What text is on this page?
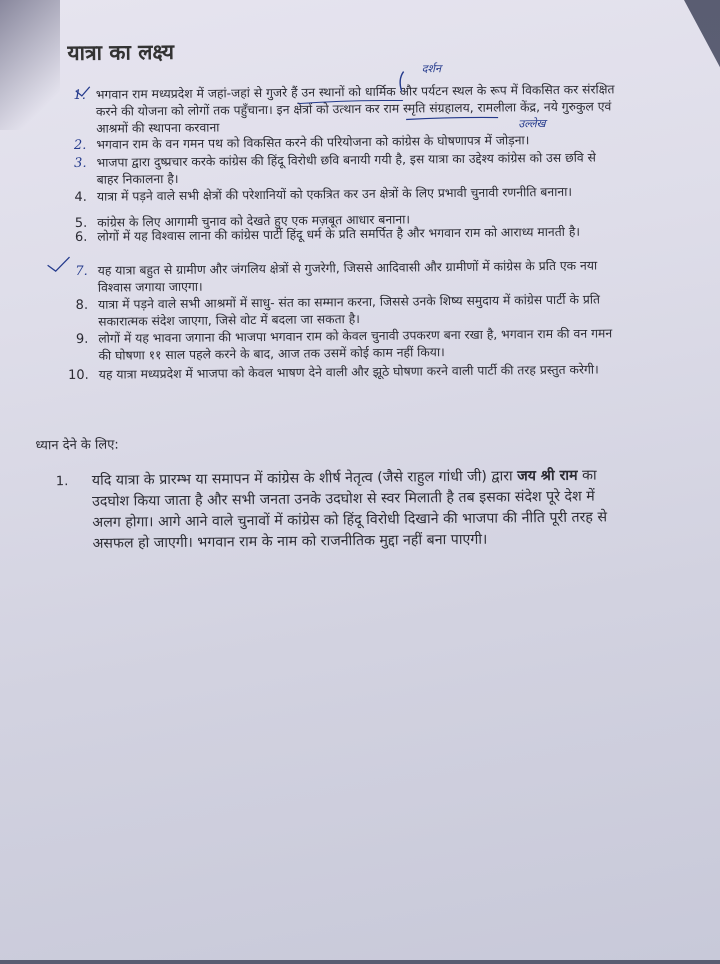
यात्रा का लक्ष्य
दर्शन
1. भगवान राम मध्यप्रदेश में जहां-जहां से गुजरे हैं उन स्थानों को धार्मिक और पर्यटन स्थल के रूप में विकसित कर संरक्षित करने की योजना को लोगों तक पहुँचाना। इन क्षेत्रों को उत्थान कर राम स्मृति संग्रहालय, रामलीला केंद्र, नये गुरुकुल एवं आश्रमों की स्थापना करवाना	उल्लेख
2. भगवान राम के वन गमन पथ को विकसित करने की परियोजना को कांग्रेस के घोषणापत्र में जोड़ना।
3. भाजपा द्वारा दुष्प्रचार करके कांग्रेस की हिंदू विरोधी छवि बनायी गयी है, इस यात्रा का उद्देश्य कांग्रेस को उस छवि से बाहर निकालना है।
4. यात्रा में पड़ने वाले सभी क्षेत्रों की परेशानियों को एकत्रित कर उन क्षेत्रों के लिए प्रभावी चुनावी रणनीति बनाना।
5. कांग्रेस के लिए आगामी चुनाव को देखते हुए एक मज़बूत आधार बनाना।
6. लोगों में यह विश्वास लाना की कांग्रेस पार्टी हिंदू धर्म के प्रति समर्पित है और भगवान राम को आराध्य मानती है।
7. यह यात्रा बहुत से ग्रामीण और जंगलिय क्षेत्रों से गुजरेगी, जिससे आदिवासी और ग्रामीणों में कांग्रेस के प्रति एक नया विश्वास जगाया जाएगा।
8. यात्रा में पड़ने वाले सभी आश्रमों में साधु- संत का सम्मान करना, जिससे उनके शिष्य समुदाय में कांग्रेस पार्टी के प्रति सकारात्मक संदेश जाएगा, जिसे वोट में बदला जा सकता है।
9. लोगों में यह भावना जगाना की भाजपा भगवान राम को केवल चुनावी उपकरण बना रखा है, भगवान राम की वन गमन की घोषणा ११ साल पहले करने के बाद, आज तक उसमें कोई काम नहीं किया।
10. यह यात्रा मध्यप्रदेश में भाजपा को केवल भाषण देने वाली और झूठे घोषणा करने वाली पार्टी की तरह प्रस्तुत करेगी।
ध्यान देने के लिए:
1. यदि यात्रा के प्रारम्भ या समापन में कांग्रेस के शीर्ष नेतृत्व (जैसे राहुल गांधी जी) द्वारा जय श्री राम का उदघोश किया जाता है और सभी जनता उनके उदघोश से स्वर मिलाती है तब इसका संदेश पूरे देश में अलग होगा। आगे आने वाले चुनावों में कांग्रेस को हिंदू विरोधी दिखाने की भाजपा की नीति पूरी तरह से असफल हो जाएगी। भगवान राम के नाम को राजनीतिक मुद्दा नहीं बना पाएगी।
